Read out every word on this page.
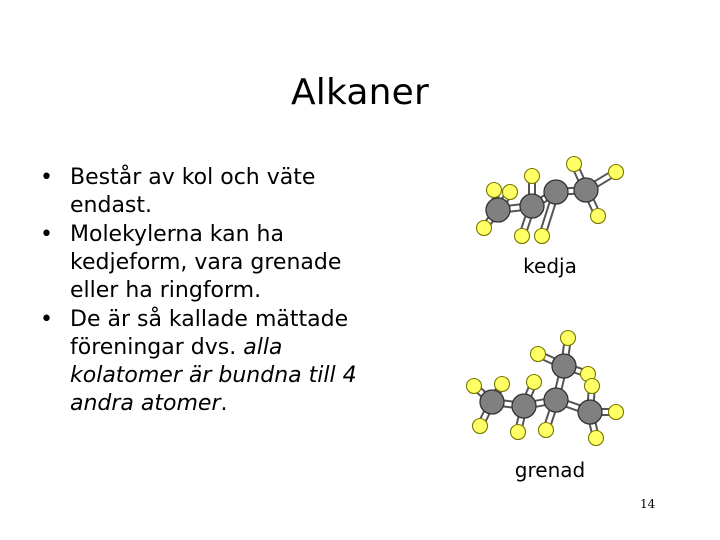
Alkaner
• Består av kol och väte endast.
• Molekylerna kan ha kedjeform, vara grenade eller ha ringform.
• De är så kallade mättade föreningar dvs. alla kolatomer är bundna till 4 andra atomer.
kedja
grenad
14
